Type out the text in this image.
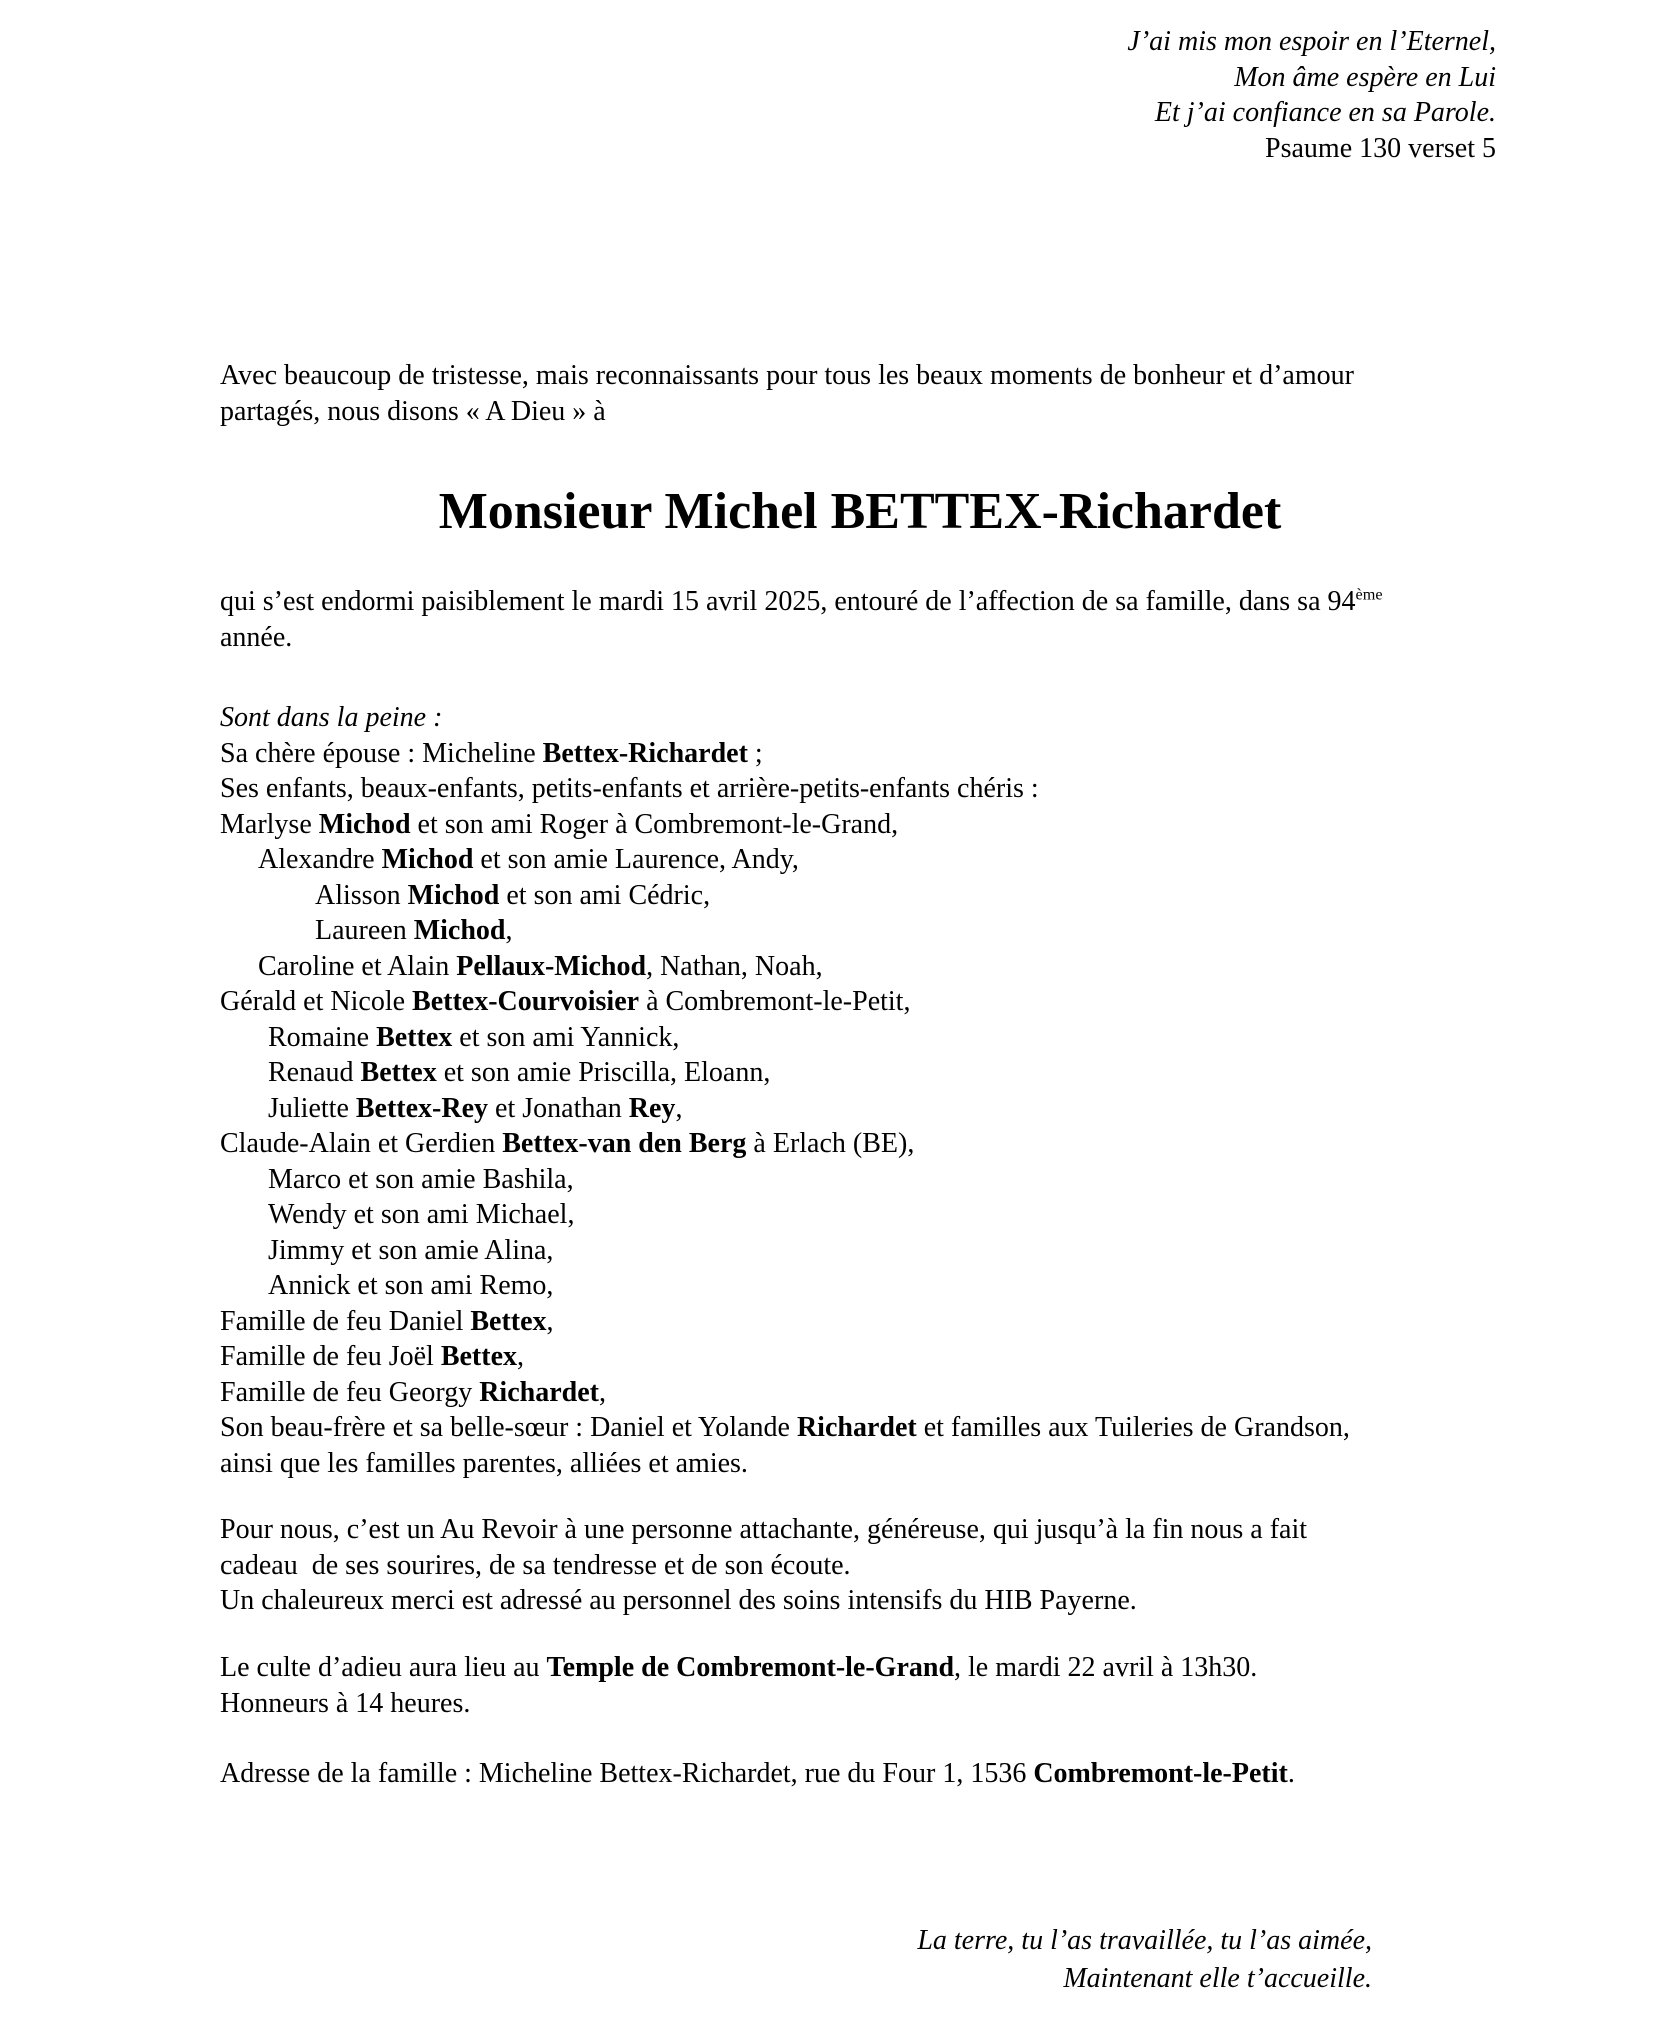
J’ai mis mon espoir en l’Eternel,
Mon âme espère en Lui
Et j’ai confiance en sa Parole.
Psaume 130 verset 5
Avec beaucoup de tristesse, mais reconnaissants pour tous les beaux moments de bonheur et d’amour
partagés, nous disons « A Dieu » à
Monsieur Michel BETTEX-Richardet
qui s’est endormi paisiblement le mardi 15 avril 2025, entouré de l’affection de sa famille, dans sa 94ème
année.
Sont dans la peine :
Sa chère épouse : Micheline Bettex-Richardet ;
Ses enfants, beaux-enfants, petits-enfants et arrière-petits-enfants chéris :
Marlyse Michod et son ami Roger à Combremont-le-Grand,
Alexandre Michod et son amie Laurence, Andy,
Alisson Michod et son ami Cédric,
Laureen Michod,
Caroline et Alain Pellaux-Michod, Nathan, Noah,
Gérald et Nicole Bettex-Courvoisier à Combremont-le-Petit,
Romaine Bettex et son ami Yannick,
Renaud Bettex et son amie Priscilla, Eloann,
Juliette Bettex-Rey et Jonathan Rey,
Claude-Alain et Gerdien Bettex-van den Berg à Erlach (BE),
Marco et son amie Bashila,
Wendy et son ami Michael,
Jimmy et son amie Alina,
Annick et son ami Remo,
Famille de feu Daniel Bettex,
Famille de feu Joël Bettex,
Famille de feu Georgy Richardet,
Son beau-frère et sa belle-sœur : Daniel et Yolande Richardet et familles aux Tuileries de Grandson,
ainsi que les familles parentes, alliées et amies.
Pour nous, c’est un Au Revoir à une personne attachante, généreuse, qui jusqu’à la fin nous a fait
cadeau  de ses sourires, de sa tendresse et de son écoute.
Un chaleureux merci est adressé au personnel des soins intensifs du HIB Payerne.
Le culte d’adieu aura lieu au Temple de Combremont-le-Grand, le mardi 22 avril à 13h30.
Honneurs à 14 heures.
Adresse de la famille : Micheline Bettex-Richardet, rue du Four 1, 1536 Combremont-le-Petit.
La terre, tu l’as travaillée, tu l’as aimée,
Maintenant elle t’accueille.
